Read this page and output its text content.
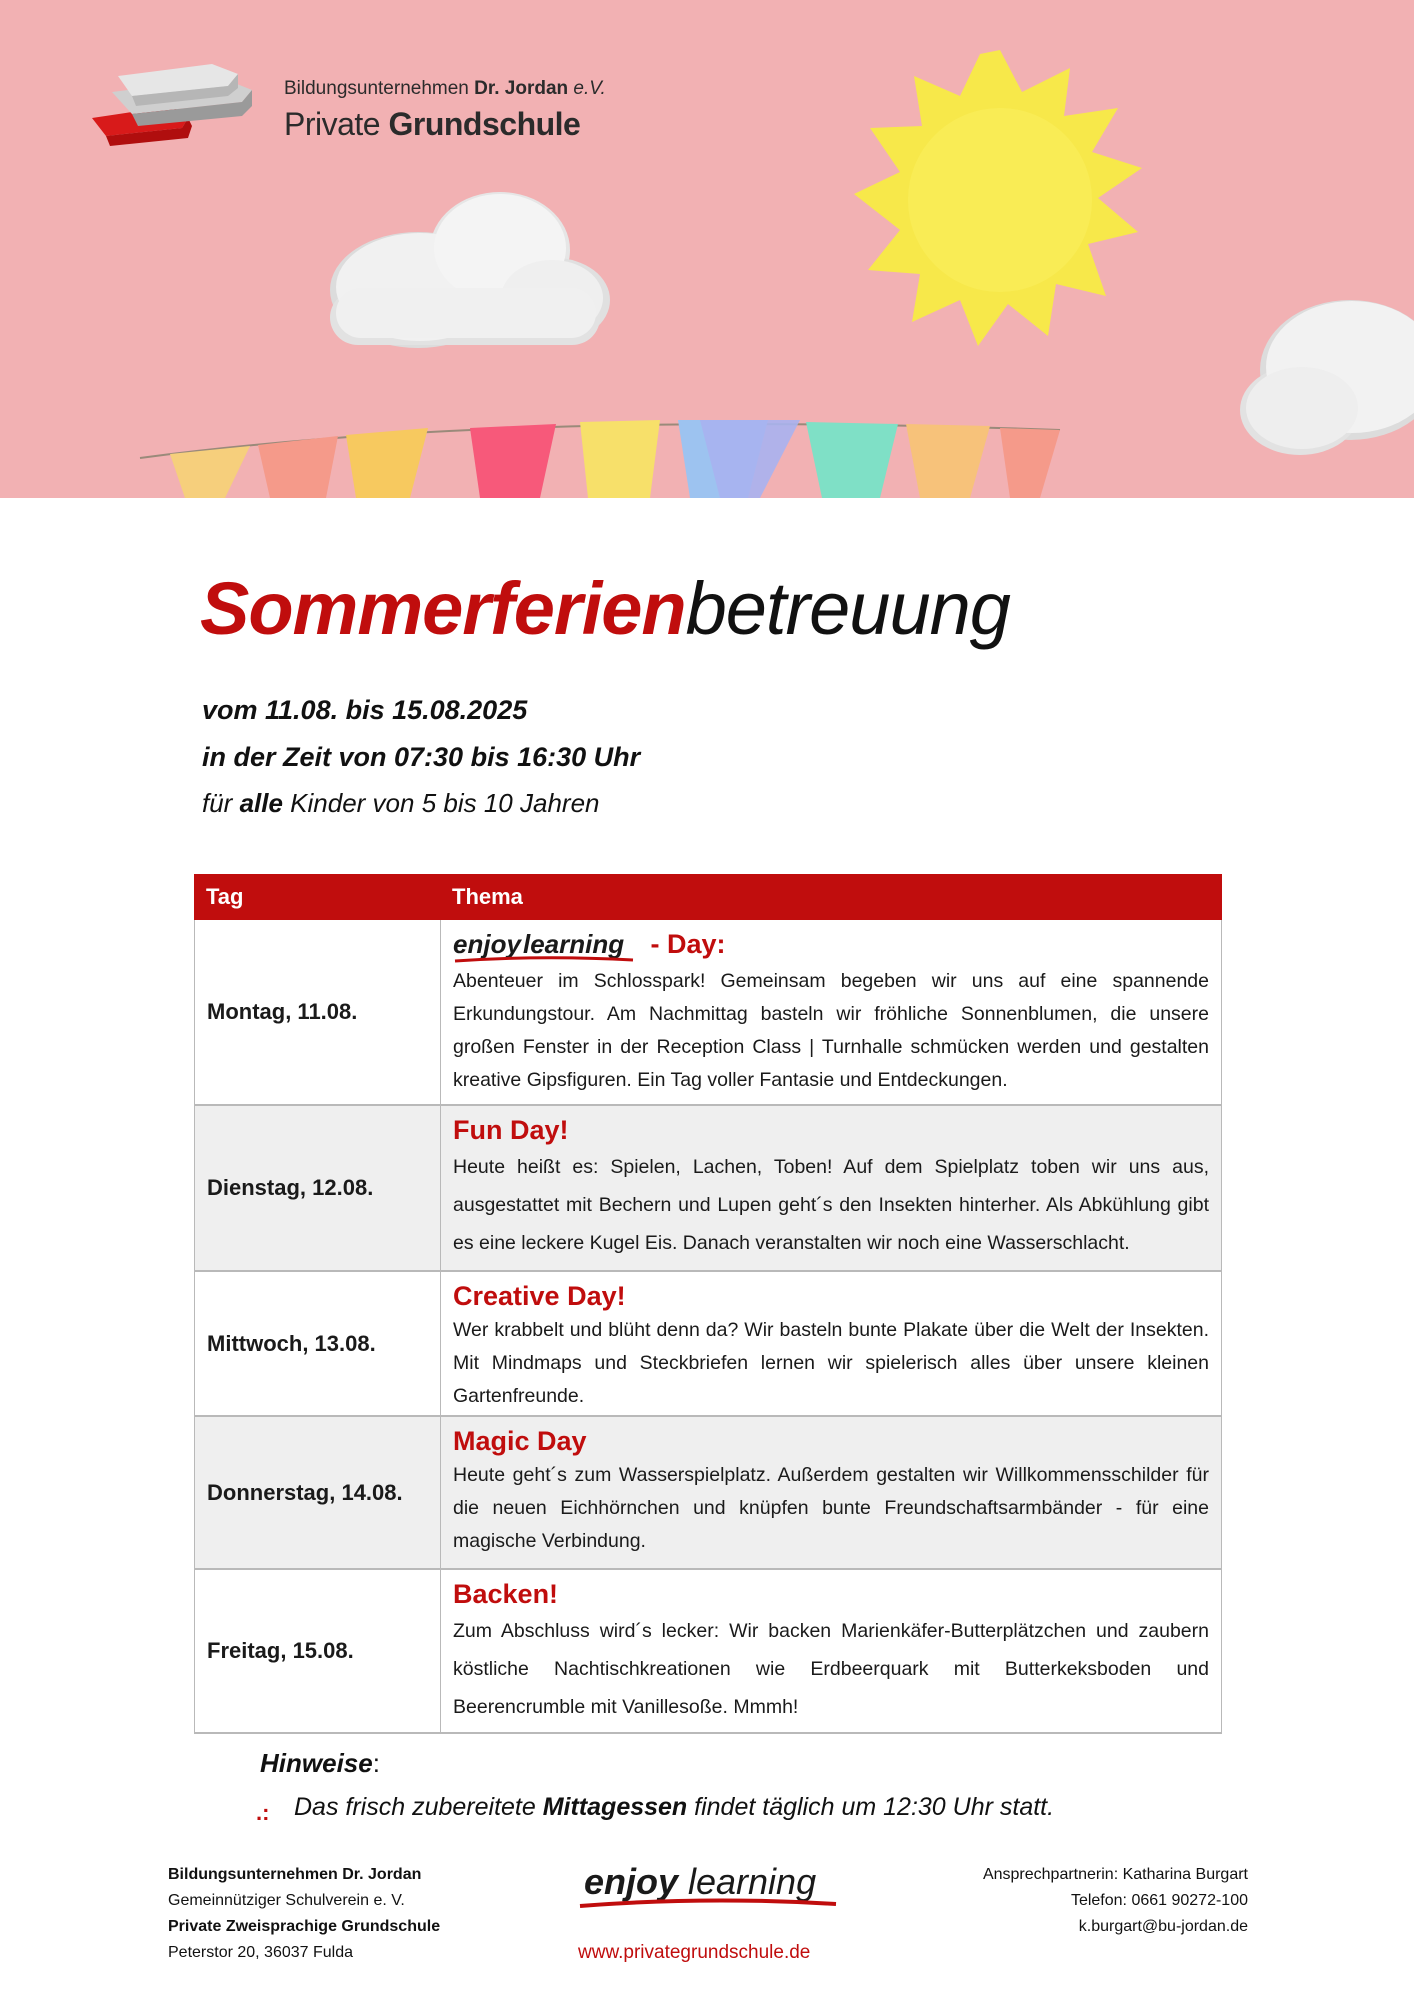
Bildungsunternehmen Dr. Jordan e.V.
Private Grundschule
Sommerferienbetreuung
vom 11.08. bis 15.08.2025
in der Zeit von 07:30 bis 16:30 Uhr
für alle Kinder von 5 bis 10 Jahren
Tag	Thema
Montag, 11.08.
enjoy learning - Day:
Abenteuer im Schlosspark! Gemeinsam begeben wir uns auf eine spannende Erkundungstour. Am Nachmittag basteln wir fröhliche Sonnenblumen, die unsere großen Fenster in der Reception Class | Turnhalle schmücken werden und gestalten kreative Gipsfiguren. Ein Tag voller Fantasie und Entdeckungen.
Dienstag, 12.08.
Fun Day!
Heute heißt es: Spielen, Lachen, Toben! Auf dem Spielplatz toben wir uns aus, ausgestattet mit Bechern und Lupen geht´s den Insekten hinterher. Als Abkühlung gibt es eine leckere Kugel Eis. Danach veranstalten wir noch eine Wasserschlacht.
Mittwoch, 13.08.
Creative Day!
Wer krabbelt und blüht denn da? Wir basteln bunte Plakate über die Welt der Insekten. Mit Mindmaps und Steckbriefen lernen wir spielerisch alles über unsere kleinen Gartenfreunde.
Donnerstag, 14.08.
Magic Day
Heute geht´s zum Wasserspielplatz. Außerdem gestalten wir Willkommensschilder für die neuen Eichhörnchen und knüpfen bunte Freundschaftsarmbänder - für eine magische Verbindung.
Freitag, 15.08.
Backen!
Zum Abschluss wird´s lecker: Wir backen Marienkäfer-Butterplätzchen und zaubern köstliche Nachtischkreationen wie Erdbeerquark mit Butterkeksboden und Beerencrumble mit Vanillesoße. Mmmh!
Hinweise:
.: Das frisch zubereitete Mittagessen findet täglich um 12:30 Uhr statt.
Bildungsunternehmen Dr. Jordan
Gemeinnütziger Schulverein e. V.
Private Zweisprachige Grundschule
Peterstor 20, 36037 Fulda
enjoy learning
www.privategrundschule.de
Ansprechpartnerin: Katharina Burgart
Telefon: 0661 90272-100
k.burgart@bu-jordan.de
